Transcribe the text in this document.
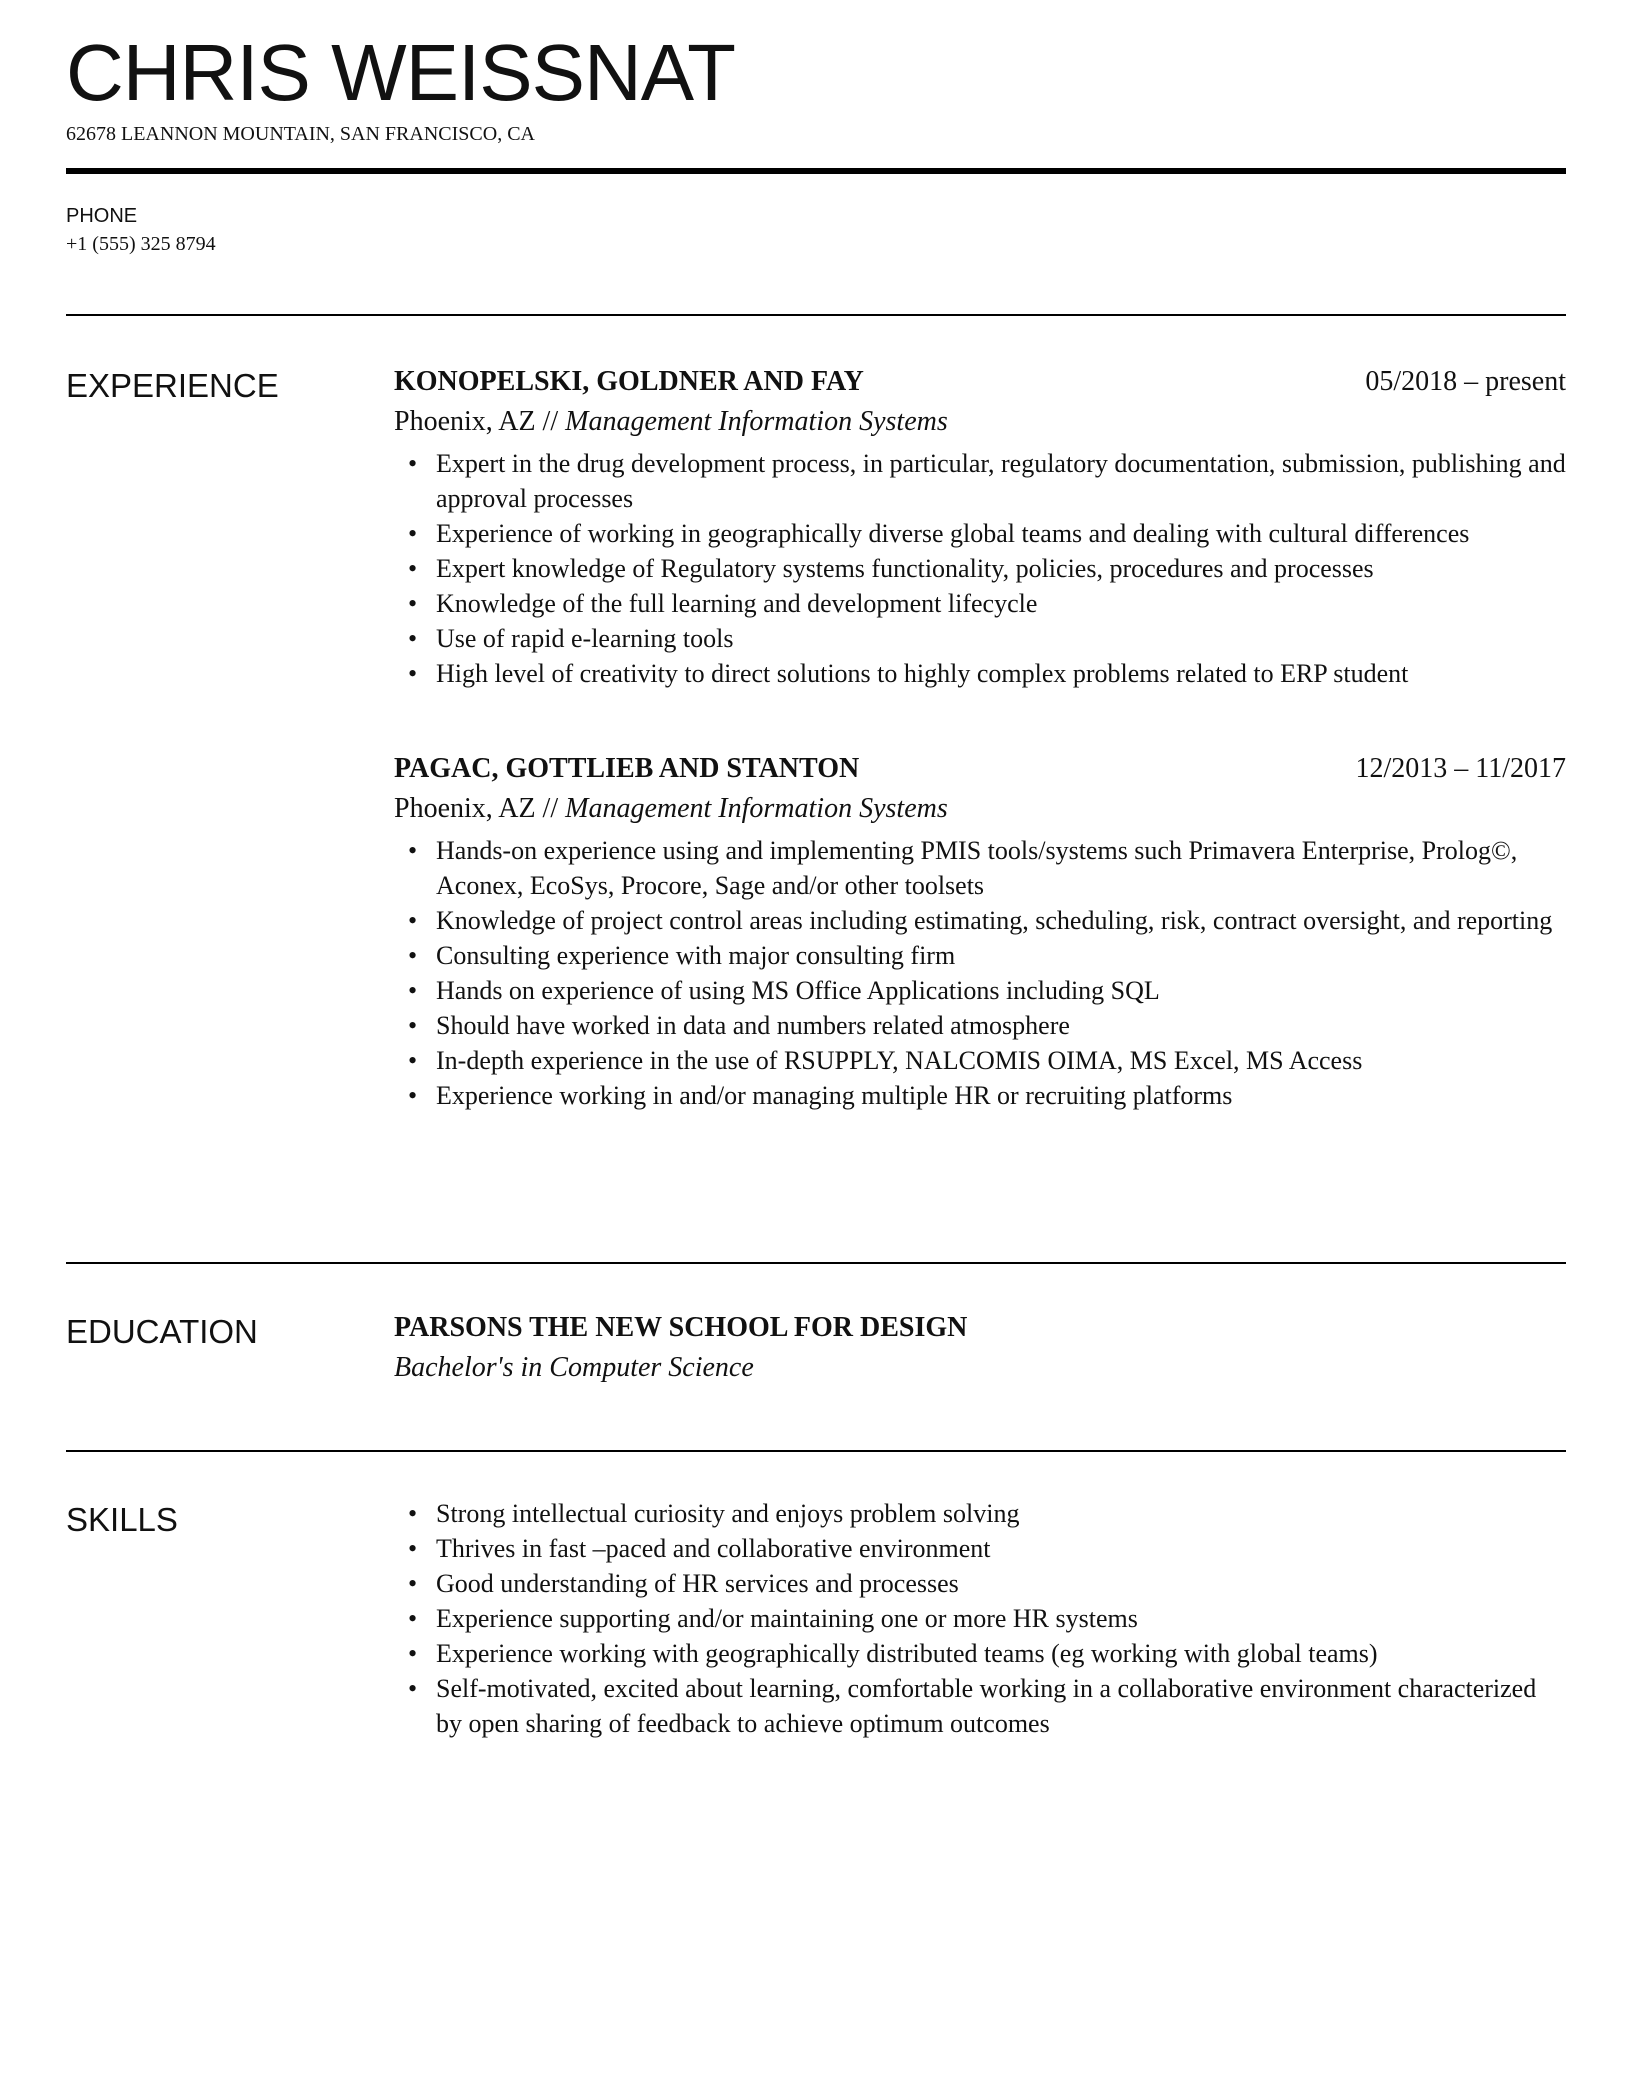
CHRIS WEISSNAT
62678 LEANNON MOUNTAIN, SAN FRANCISCO, CA
PHONE
+1 (555) 325 8794
EXPERIENCE	KONOPELSKI, GOLDNER AND FAY	05/2018 – present
Phoenix, AZ // Management Information Systems
• Expert in the drug development process, in particular, regulatory documentation, submission, publishing and approval processes
• Experience of working in geographically diverse global teams and dealing with cultural differences
• Expert knowledge of Regulatory systems functionality, policies, procedures and processes
• Knowledge of the full learning and development lifecycle
• Use of rapid e-learning tools
• High level of creativity to direct solutions to highly complex problems related to ERP student
PAGAC, GOTTLIEB AND STANTON	12/2013 – 11/2017
Phoenix, AZ // Management Information Systems
• Hands-on experience using and implementing PMIS tools/systems such Primavera Enterprise, Prolog©, Aconex, EcoSys, Procore, Sage and/or other toolsets
• Knowledge of project control areas including estimating, scheduling, risk, contract oversight, and reporting
• Consulting experience with major consulting firm
• Hands on experience of using MS Office Applications including SQL
• Should have worked in data and numbers related atmosphere
• In-depth experience in the use of RSUPPLY, NALCOMIS OIMA, MS Excel, MS Access
• Experience working in and/or managing multiple HR or recruiting platforms
EDUCATION	PARSONS THE NEW SCHOOL FOR DESIGN
Bachelor's in Computer Science
SKILLS
•	Strong intellectual curiosity and enjoys problem solving
• Thrives in fast –paced and collaborative environment
• Good understanding of HR services and processes
• Experience supporting and/or maintaining one or more HR systems
• Experience working with geographically distributed teams (eg working with global teams)
• Self-motivated, excited about learning, comfortable working in a collaborative environment characterized by open sharing of feedback to achieve optimum outcomes
